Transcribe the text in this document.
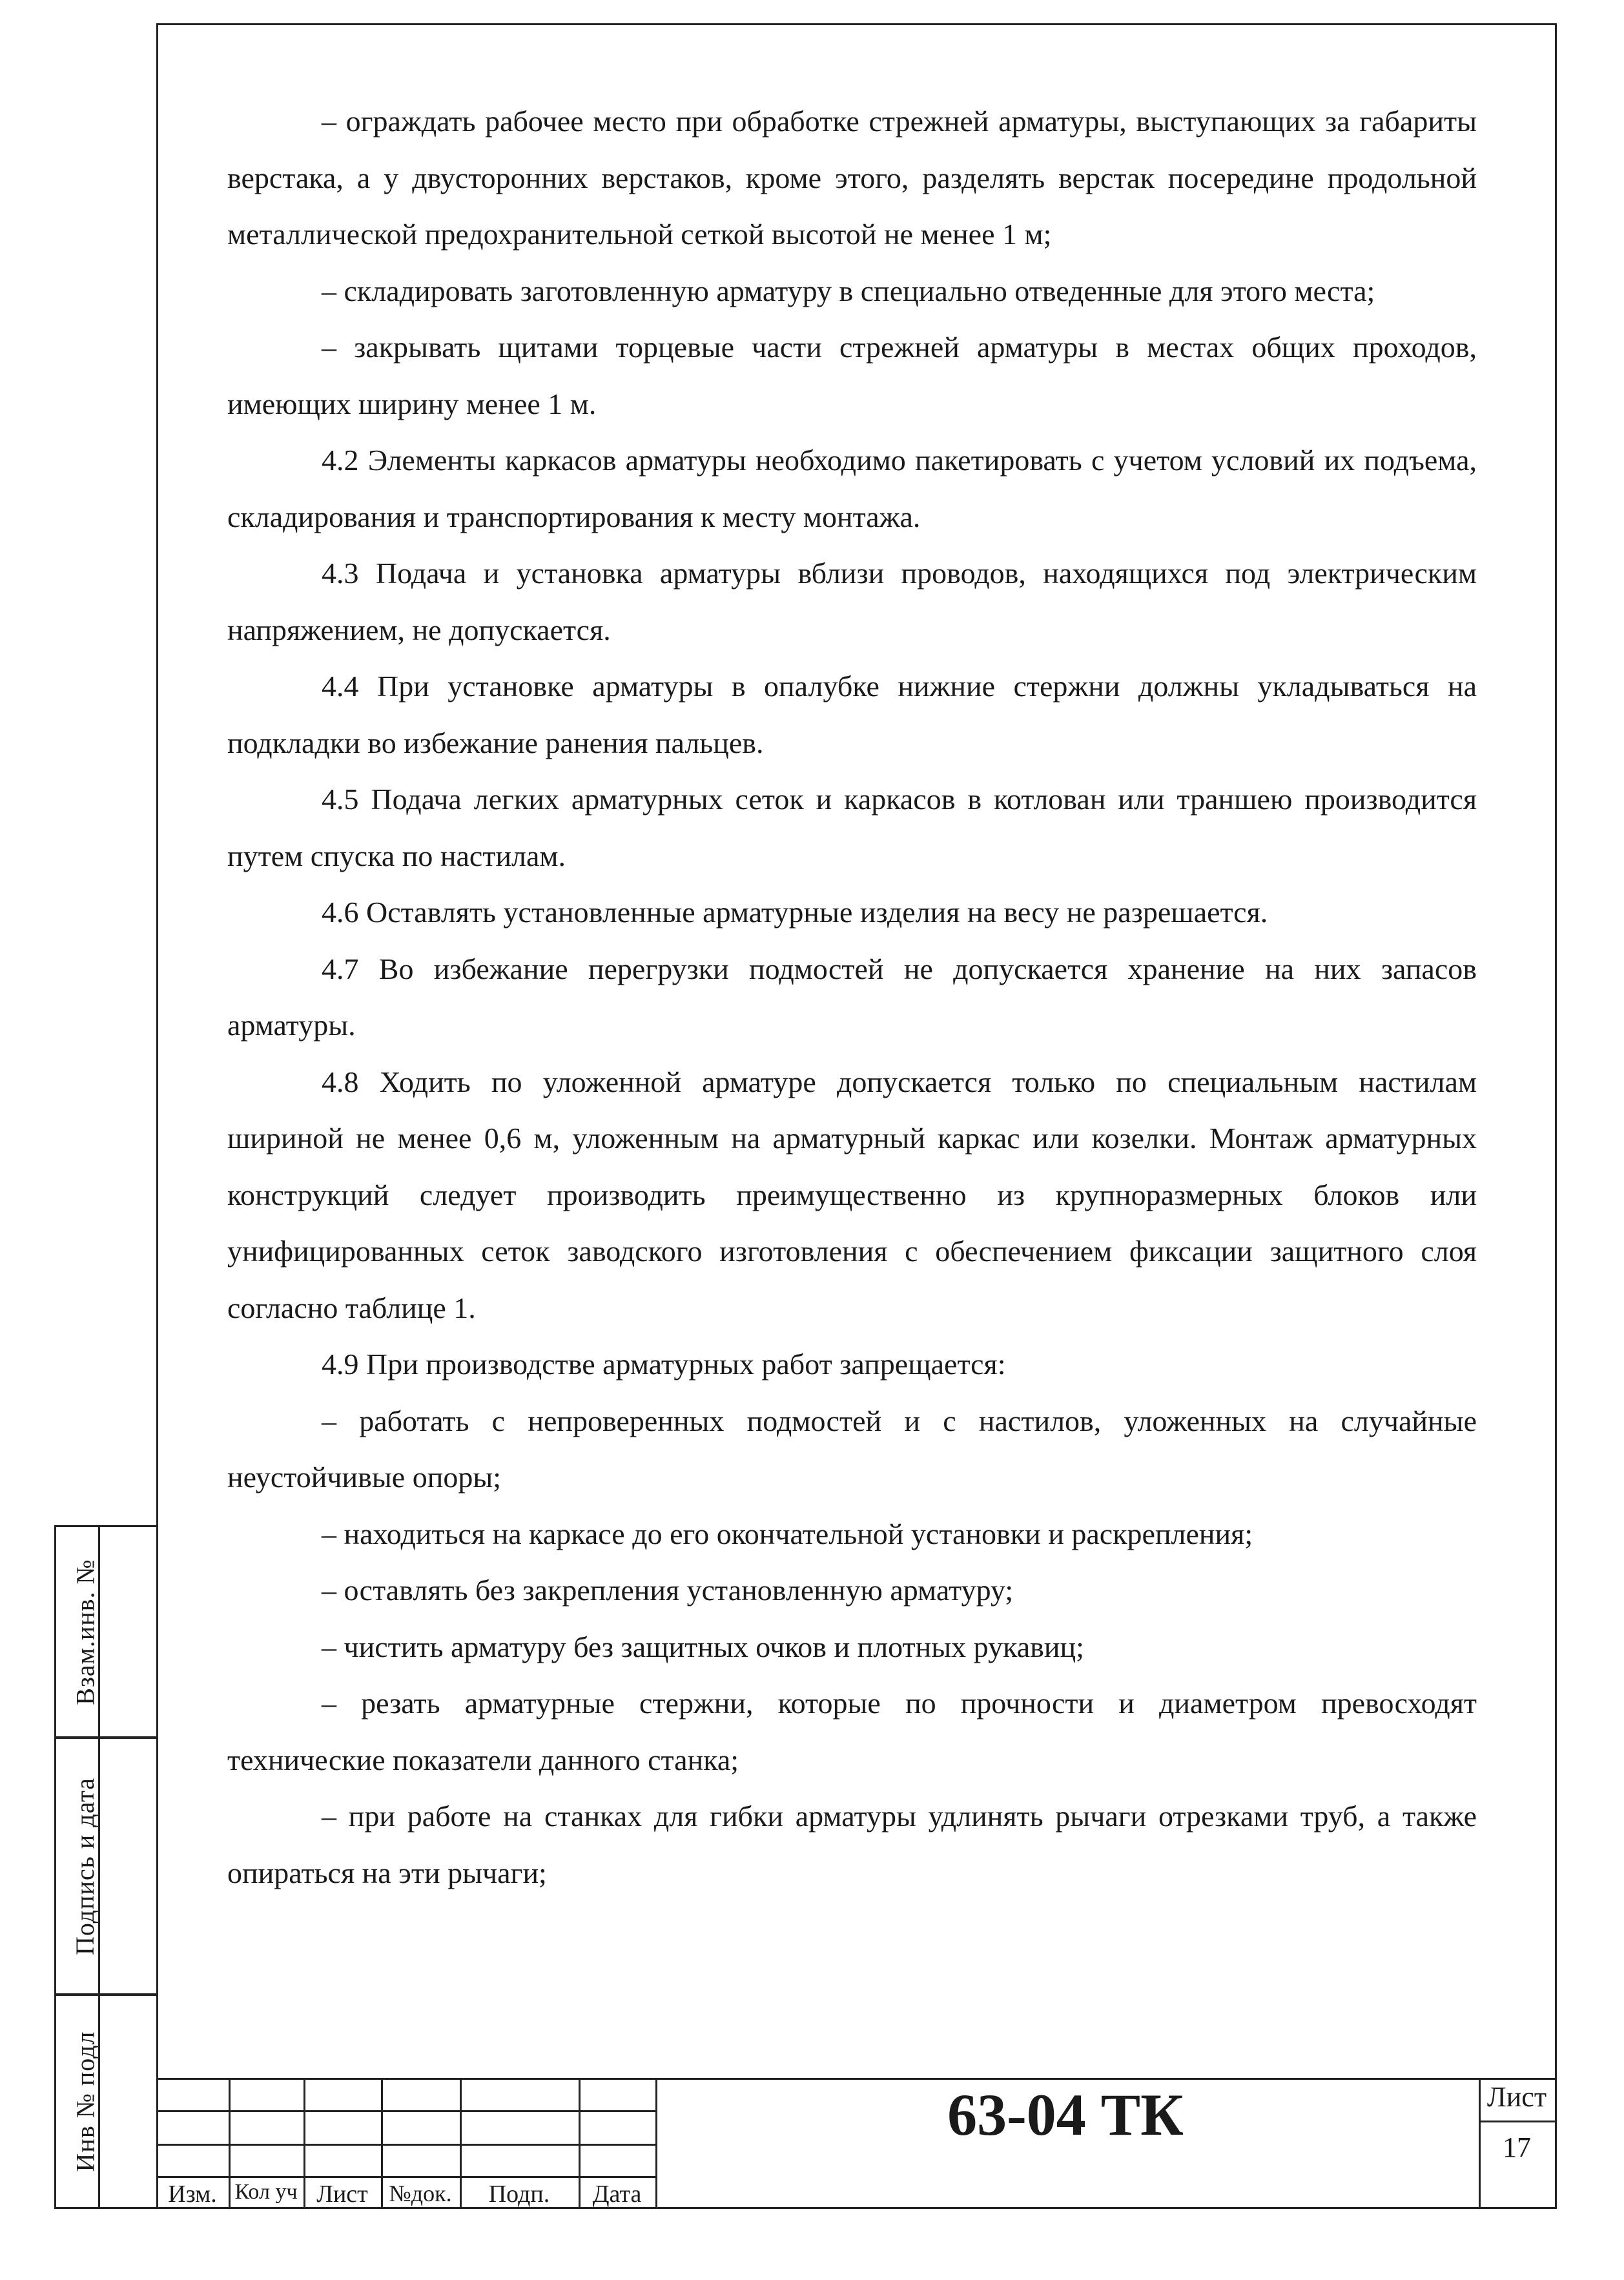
Взам.инв. №
Подпись и дата
Инв № подл

– ограждать рабочее место при обработке стрежней арматуры, выступающих за габариты верстака, а у двусторонних верстаков, кроме этого, разделять верстак посередине продольной металлической предохранительной сеткой высотой не менее 1 м;

– складировать заготовленную арматуру в специально отведенные для этого места;

– закрывать щитами торцевые части стрежней арматуры в местах общих проходов, имеющих ширину менее 1 м.

4.2 Элементы каркасов арматуры необходимо пакетировать с учетом условий их подъема, складирования и транспортирования к месту монтажа.

4.3 Подача и установка арматуры вблизи проводов, находящихся под электрическим напряжением, не допускается.

4.4 При установке арматуры в опалубке нижние стержни должны укладываться на подкладки во избежание ранения пальцев.

4.5 Подача легких арматурных сеток и каркасов в котлован или траншею производится путем спуска по настилам.

4.6 Оставлять установленные арматурные изделия на весу не разрешается.

4.7 Во избежание перегрузки подмостей не допускается хранение на них запасов арматуры.

4.8 Ходить по уложенной арматуре допускается только по специальным настилам шириной не менее 0,6 м, уложенным на арматурный каркас или козелки. Монтаж арматурных конструкций следует производить преимущественно из крупноразмерных блоков или унифицированных сеток заводского изготовления с обеспечением фиксации защитного слоя согласно таблице 1.

4.9 При производстве арматурных работ запрещается:

– работать с непроверенных подмостей и с настилов, уложенных на случайные неустойчивые опоры;

– находиться на каркасе до его окончательной установки и раскрепления;

– оставлять без закрепления установленную арматуру;

– чистить арматуру без защитных очков и плотных рукавиц;

– резать арматурные стержни, которые по прочности и диаметром превосходят технические показатели данного станка;

– при работе на станках для гибки арматуры удлинять рычаги отрезками труб, а также опираться на эти рычаги;

Изм. Кол уч Лист №док.	Подп.	Дата
63-04 ТК	Лист
17
